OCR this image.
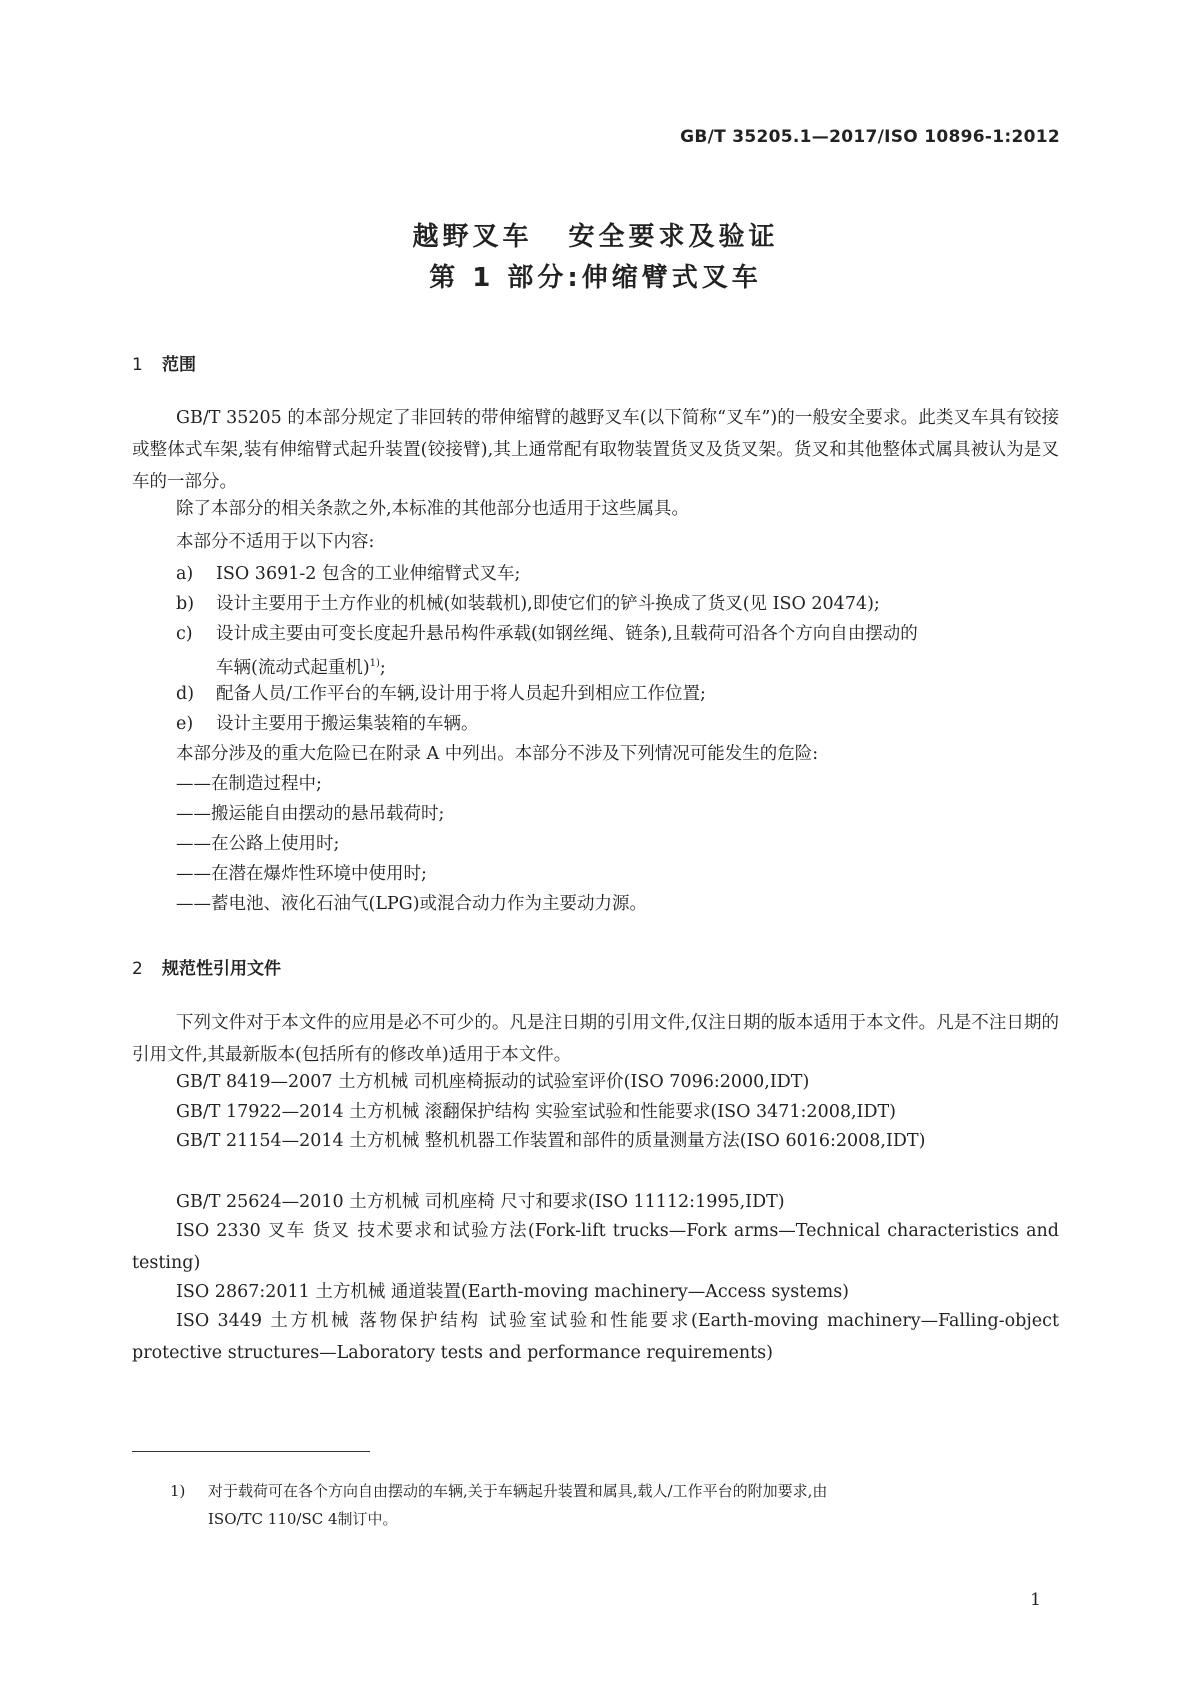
GB/T 35205.1—2017/ISO 10896-1:2012
越野叉车 安全要求及验证
第 1 部分:伸缩臂式叉车
1 范围
GB/T 35205 的本部分规定了非回转的带伸缩臂的越野叉车(以下简称“叉车”)的一般安全要求。此类叉车具有铰接或整体式车架,装有伸缩臂式起升装置(铰接臂),其上通常配有取物装置货叉及货叉架。货叉和其他整体式属具被认为是叉车的一部分。
除了本部分的相关条款之外,本标准的其他部分也适用于这些属具。
本部分不适用于以下内容:
a) ISO 3691-2 包含的工业伸缩臂式叉车;
b) 设计主要用于土方作业的机械(如装载机),即使它们的铲斗换成了货叉(见 ISO 20474);
c) 设计成主要由可变长度起升悬吊构件承载(如钢丝绳、链条),且载荷可沿各个方向自由摆动的
车辆(流动式起重机)$^{1)}$;
d) 配备人员/工作平台的车辆,设计用于将人员起升到相应工作位置;
e) 设计主要用于搬运集装箱的车辆。
本部分涉及的重大危险已在附录 A 中列出。本部分不涉及下列情况可能发生的危险:
——在制造过程中;
——搬运能自由摆动的悬吊载荷时;
——在公路上使用时;
——在潜在爆炸性环境中使用时;
——蓄电池、液化石油气(LPG)或混合动力作为主要动力源。
2 规范性引用文件
下列文件对于本文件的应用是必不可少的。凡是注日期的引用文件,仅注日期的版本适用于本文件。凡是不注日期的引用文件,其最新版本(包括所有的修改单)适用于本文件。
GB/T 8419—2007 土方机械 司机座椅振动的试验室评价(ISO 7096:2000,IDT)
GB/T 17922—2014 土方机械 滚翻保护结构 实验室试验和性能要求(ISO 3471:2008,IDT)
GB/T 21154—2014 土方机械 整机机器工作装置和部件的质量测量方法(ISO 6016:2008,IDT)
GB/T 25624—2010 土方机械 司机座椅 尺寸和要求(ISO 11112:1995,IDT)
ISO 2330 叉车 货叉 技术要求和试验方法(Fork-lift trucks—Fork arms—Technical characteristics and testing)
ISO 2867:2011 土方机械 通道装置(Earth-moving machinery—Access systems)
ISO 3449 土方机械 落物保护结构 试验室试验和性能要求(Earth-moving machinery—Falling-object protective structures—Laboratory tests and performance requirements)
1) 对于载荷可在各个方向自由摆动的车辆,关于车辆起升装置和属具,载人/工作平台的附加要求,由
ISO/TC 110/SC 4制订中。
1
